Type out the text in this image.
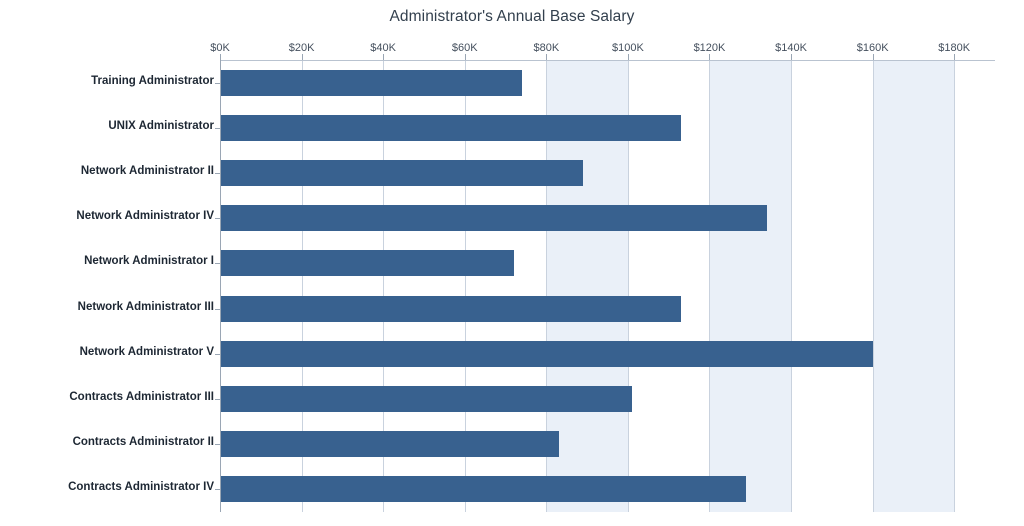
Administrator's Annual Base Salary
$0K	$20K	$40K	$60K	$80K	$100K	$120K	$140K	$160K	$180K
Training Administrator
UNIX Administrator
Network Administrator II
Network Administrator IV
Network Administrator I
Network Administrator III
Network Administrator V
Contracts Administrator III
Contracts Administrator II
Contracts Administrator IV
